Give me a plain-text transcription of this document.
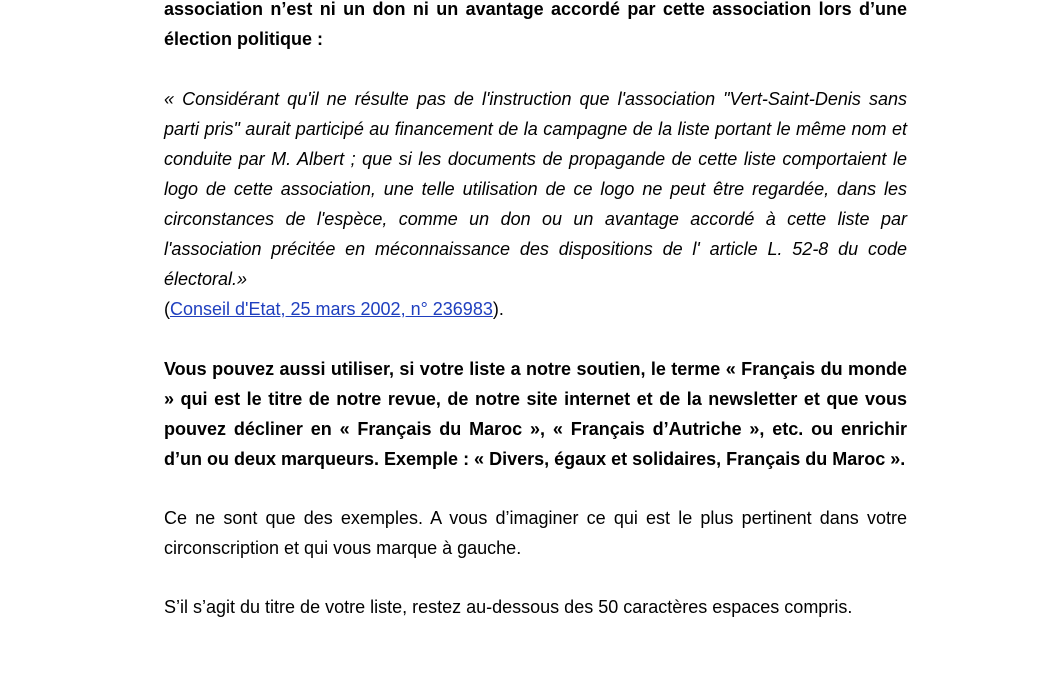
association n’est ni un don ni un avantage accordé par cette association lors d’une élection politique :

« Considérant qu'il ne résulte pas de l'instruction que l'association "Vert-Saint-Denis sans parti pris" aurait participé au financement de la campagne de la liste portant le même nom et conduite par M. Albert ; que si les documents de propagande de cette liste comportaient le logo de cette association, une telle utilisation de ce logo ne peut être regardée, dans les circonstances de l'espèce, comme un don ou un avantage accordé à cette liste par l'association précitée en méconnaissance des dispositions de l' article L. 52-8 du code électoral.»

(Conseil d'Etat, 25 mars 2002, n° 236983).

Vous pouvez aussi utiliser, si votre liste a notre soutien, le terme « Français du monde » qui est le titre de notre revue, de notre site internet et de la newsletter et que vous pouvez décliner en « Français du Maroc », « Français d’Autriche », etc. ou enrichir d’un ou deux marqueurs. Exemple : « Divers, égaux et solidaires, Français du Maroc ».

Ce ne sont que des exemples. A vous d’imaginer ce qui est le plus pertinent dans votre circonscription et qui vous marque à gauche.

S’il s’agit du titre de votre liste, restez au-dessous des 50 caractères espaces compris.
